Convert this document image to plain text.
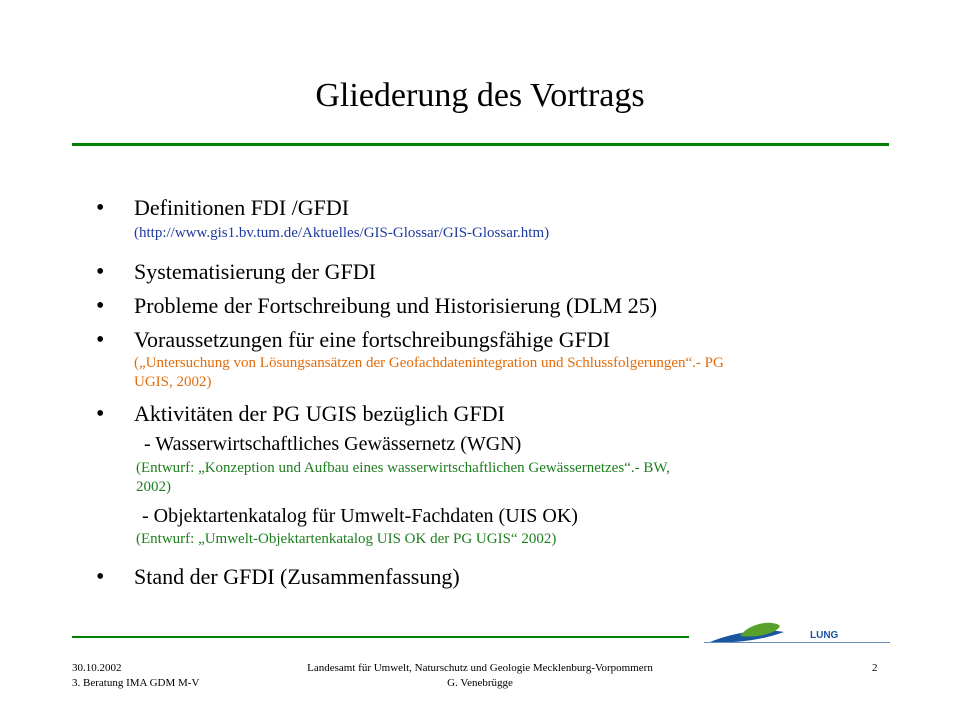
Gliederung des Vortrags
• Definitionen FDI /GFDI
(http://www.gis1.bv.tum.de/Aktuelles/GIS-Glossar/GIS-Glossar.htm)
• Systematisierung der GFDI
• Probleme der Fortschreibung und Historisierung (DLM 25)
• Voraussetzungen für eine fortschreibungsfähige GFDI
(„Untersuchung von Lösungsansätzen der Geofachdatenintegration und Schlussfolgerungen“.- PG
UGIS, 2002)
• Aktivitäten der PG UGIS bezüglich GFDI
- Wasserwirtschaftliches Gewässernetz (WGN)
(Entwurf: „Konzeption und Aufbau eines wasserwirtschaftlichen Gewässernetzes“.- BW,
2002)
- Objektartenkatalog für Umwelt-Fachdaten (UIS OK)
(Entwurf: „Umwelt-Objektartenkatalog UIS OK der PG UGIS“ 2002)
• Stand der GFDI (Zusammenfassung)
LUNG
30.10.2002
3. Beratung IMA GDM M-V
Landesamt für Umwelt, Naturschutz und Geologie Mecklenburg-Vorpommern
G. Venebrügge
2
